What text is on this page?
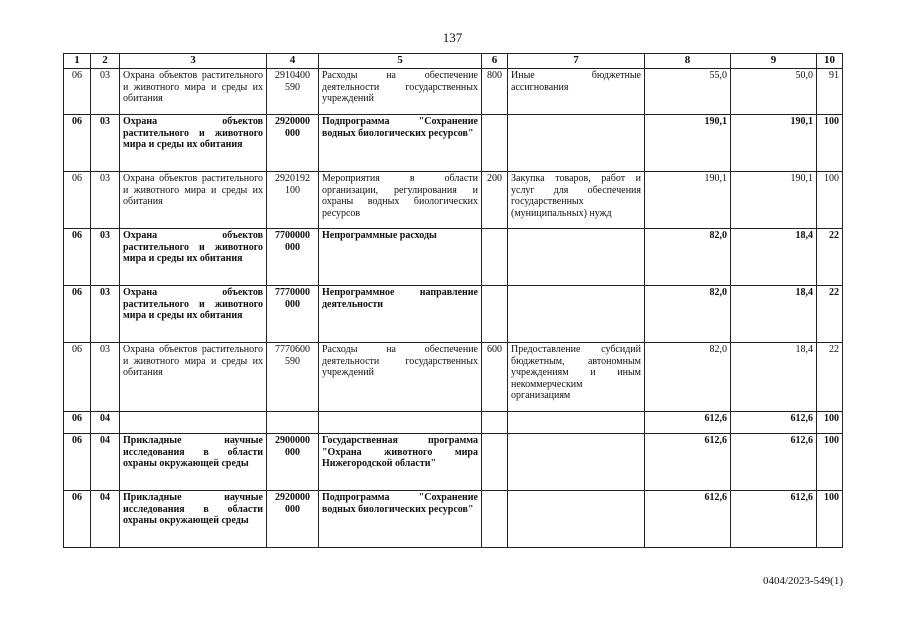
137
1	2	3	4	5	6	7	8	9	10
06	03	Охрана объектов растительного и животного мира и среды их обитания	2910400 590	Расходы на обеспечение деятельности государственных учреждений	800	Иные бюджетные ассигнования	55,0	50,0	91
06	03	Охрана объектов растительного и животного мира и среды их обитания	2920000 000	Подпрограмма "Сохранение водных биологических ресурсов"			190,1	190,1	100
06	03	Охрана объектов растительного и животного мира и среды их обитания	2920192 100	Мероприятия в области организации, регулирования и охраны водных биологических ресурсов	200	Закупка товаров, работ и услуг для обеспечения государственных (муниципальных) нужд	190,1	190,1	100
06	03	Охрана объектов растительного и животного мира и среды их обитания	7700000 000	Непрограммные расходы			82,0	18,4	22
06	03	Охрана объектов растительного и животного мира и среды их обитания	7770000 000	Непрограммное направление деятельности			82,0	18,4	22
06	03	Охрана объектов растительного и животного мира и среды их обитания	7770600 590	Расходы на обеспечение деятельности государственных учреждений	600	Предоставление субсидий бюджетным, автономным учреждениям и иным некоммерческим организациям	82,0	18,4	22
06	04						612,6	612,6	100
06	04	Прикладные научные исследования в области охраны окружающей среды	2900000 000	Государственная программа "Охрана животного мира Нижегородской области"			612,6	612,6	100
06	04	Прикладные научные исследования в области охраны окружающей среды	2920000 000	Подпрограмма "Сохранение водных биологических ресурсов"			612,6	612,6	100
0404/2023-549(1)
